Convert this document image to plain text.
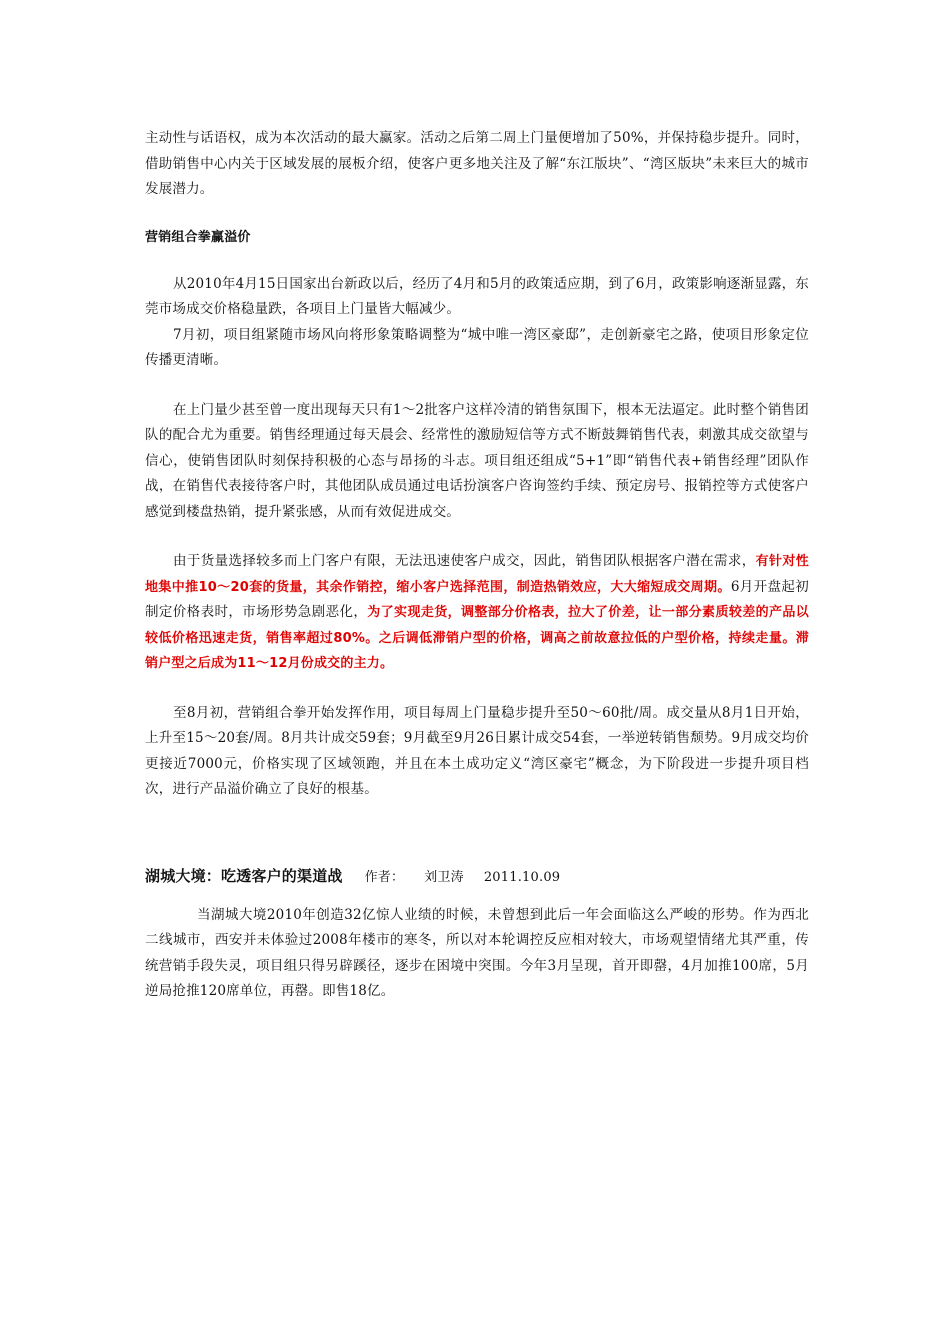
主动性与话语权，成为本次活动的最大赢家。活动之后第二周上门量便增加了50%，并保持稳步提升。同时，借助销售中心内关于区域发展的展板介绍，使客户更多地关注及了解“东江版块”、“湾区版块”未来巨大的城市发展潜力。

营销组合拳赢溢价

从2010年4月15日国家出台新政以后，经历了4月和5月的政策适应期，到了6月，政策影响逐渐显露，东莞市场成交价格稳量跌，各项目上门量皆大幅减少。

7月初，项目组紧随市场风向将形象策略调整为“城中唯一湾区豪邸”，走创新豪宅之路，使项目形象定位传播更清晰。

在上门量少甚至曾一度出现每天只有1～2批客户这样冷清的销售氛围下，根本无法逼定。此时整个销售团队的配合尤为重要。销售经理通过每天晨会、经常性的激励短信等方式不断鼓舞销售代表，刺激其成交欲望与信心，使销售团队时刻保持积极的心态与昂扬的斗志。项目组还组成“5+1”即“销售代表+销售经理”团队作战，在销售代表接待客户时，其他团队成员通过电话扮演客户咨询签约手续、预定房号、报销控等方式使客户感觉到楼盘热销，提升紧张感，从而有效促进成交。

由于货量选择较多而上门客户有限，无法迅速使客户成交，因此，销售团队根据客户潜在需求，有针对性地集中推10～20套的货量，其余作销控，缩小客户选择范围，制造热销效应，大大缩短成交周期。6月开盘起初制定价格表时，市场形势急剧恶化，为了实现走货，调整部分价格表，拉大了价差，让一部分素质较差的产品以较低价格迅速走货，销售率超过80%。之后调低滞销户型的价格，调高之前故意拉低的户型价格，持续走量。滞销户型之后成为11～12月份成交的主力。

至8月初，营销组合拳开始发挥作用，项目每周上门量稳步提升至50～60批/周。成交量从8月1日开始，上升至15～20套/周。8月共计成交59套；9月截至9月26日累计成交54套，一举逆转销售颓势。9月成交均价更接近7000元，价格实现了区域领跑，并且在本土成功定义“湾区豪宅”概念，为下阶段进一步提升项目档次，进行产品溢价确立了良好的根基。

湖城大境：吃透客户的渠道战 作者： 刘卫涛 2011.10.09

当湖城大境2010年创造32亿惊人业绩的时候，未曾想到此后一年会面临这么严峻的形势。作为西北二线城市，西安并未体验过2008年楼市的寒冬，所以对本轮调控反应相对较大，市场观望情绪尤其严重，传统营销手段失灵，项目组只得另辟蹊径，逐步在困境中突围。今年3月呈现，首开即罄，4月加推100席，5月逆局抢推120席单位，再罄。即售18亿。
